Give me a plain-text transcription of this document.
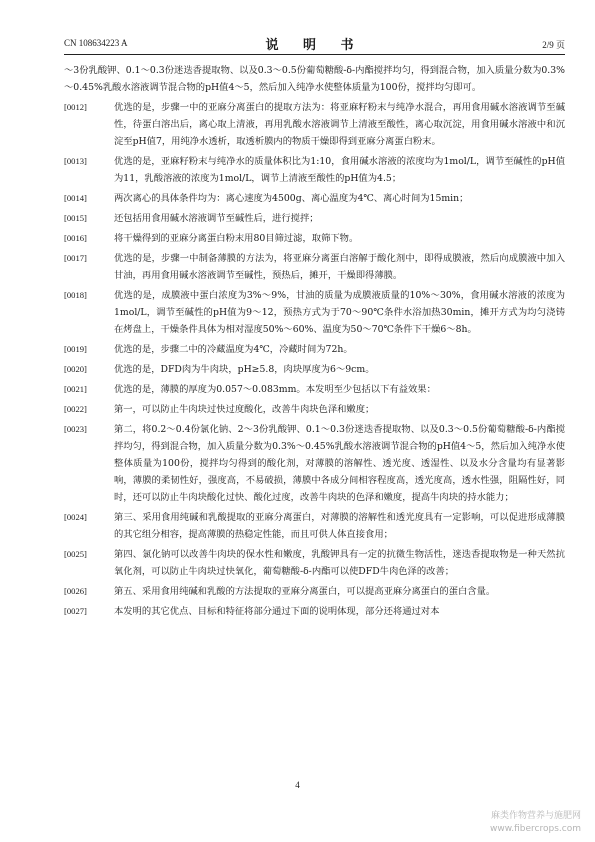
CN 108634223 A	说 明 书	2/9 页
～3份乳酸钾、0.1～0.3份迷迭香提取物、以及0.3～0.5份葡萄糖酸-δ-内酯搅拌均匀，得到混合物，加入质量分数为0.3%～0.45%乳酸水溶液调节混合物的pH值4～5，然后加入纯净水使整体质量为100份，搅拌均匀即可。
[0012]	优选的是，步骤一中的亚麻分离蛋白的提取方法为：将亚麻籽粉末与纯净水混合，再用食用碱水溶液调节至碱性，待蛋白溶出后，离心取上清液，再用乳酸水溶液调节上清液至酸性，离心取沉淀，用食用碱水溶液中和沉淀至pH值7，用纯净水透析，取透析膜内的物质干燥即得到亚麻分离蛋白粉末。
[0013]	优选的是，亚麻籽粉末与纯净水的质量体积比为1:10，食用碱水溶液的浓度均为1mol/L，调节至碱性的pH值为11，乳酸溶液的浓度为1mol/L，调节上清液至酸性的pH值为4.5；
[0014]	两次离心的具体条件均为：离心速度为4500g、离心温度为4℃、离心时间为15min；
[0015]	还包括用食用碱水溶液调节至碱性后，进行搅拌；
[0016]	将干燥得到的亚麻分离蛋白粉末用80目筛过滤，取筛下物。
[0017]	优选的是，步骤一中制备薄膜的方法为，将亚麻分离蛋白溶解于酸化剂中，即得成膜液，然后向成膜液中加入甘油，再用食用碱水溶液调节至碱性，预热后，摊开，干燥即得薄膜。
[0018]	优选的是，成膜液中蛋白浓度为3%～9%，甘油的质量为成膜液质量的10%～30%，食用碱水溶液的浓度为1mol/L，调节至碱性的pH值为9～12，预热方式为于70～90℃条件水浴加热30min，摊开方式为均匀浇铸在烤盘上，干燥条件具体为相对湿度50%～60%、温度为50～70℃条件下干燥6～8h。
[0019]	优选的是，步骤二中的冷藏温度为4℃，冷藏时间为72h。
[0020]	优选的是，DFD肉为牛肉块，pH≥5.8，肉块厚度为6～9cm。
[0021]	优选的是，薄膜的厚度为0.057～0.083mm。本发明至少包括以下有益效果：
[0022]	第一，可以防止牛肉块过快过度酸化，改善牛肉块色泽和嫩度；
[0023]	第二，将0.2～0.4份氯化钠、2～3份乳酸钾、0.1～0.3份迷迭香提取物、以及0.3～0.5份葡萄糖酸-δ-内酯搅拌均匀，得到混合物，加入质量分数为0.3%～0.45%乳酸水溶液调节混合物的pH值4～5，然后加入纯净水使整体质量为100份，搅拌均匀得到的酸化剂，对薄膜的溶解性、透光度、透湿性、以及水分含量均有显著影响，薄膜的柔韧性好，强度高，不易破损，薄膜中各成分间相容程度高，透光度高，透水性强，阻隔性好，同时，还可以防止牛肉块酸化过快、酸化过度，改善牛肉块的色泽和嫩度，提高牛肉块的持水能力；
[0024]	第三、采用食用纯碱和乳酸提取的亚麻分离蛋白，对薄膜的溶解性和透光度具有一定影响，可以促进形成薄膜的其它组分相容，提高薄膜的热稳定性能，而且可供人体直接食用；
[0025]	第四、氯化钠可以改善牛肉块的保水性和嫩度，乳酸钾具有一定的抗微生物活性，迷迭香提取物是一种天然抗氧化剂，可以防止牛肉块过快氧化，葡萄糖酸-δ-内酯可以使DFD牛肉色泽的改善；
[0026]	第五、采用食用纯碱和乳酸的方法提取的亚麻分离蛋白，可以提高亚麻分离蛋白的蛋白含量。
[0027]	本发明的其它优点、目标和特征将部分通过下面的说明体现，部分还将通过对本
4
麻类作物营养与施肥网
www.fibercrops.com
